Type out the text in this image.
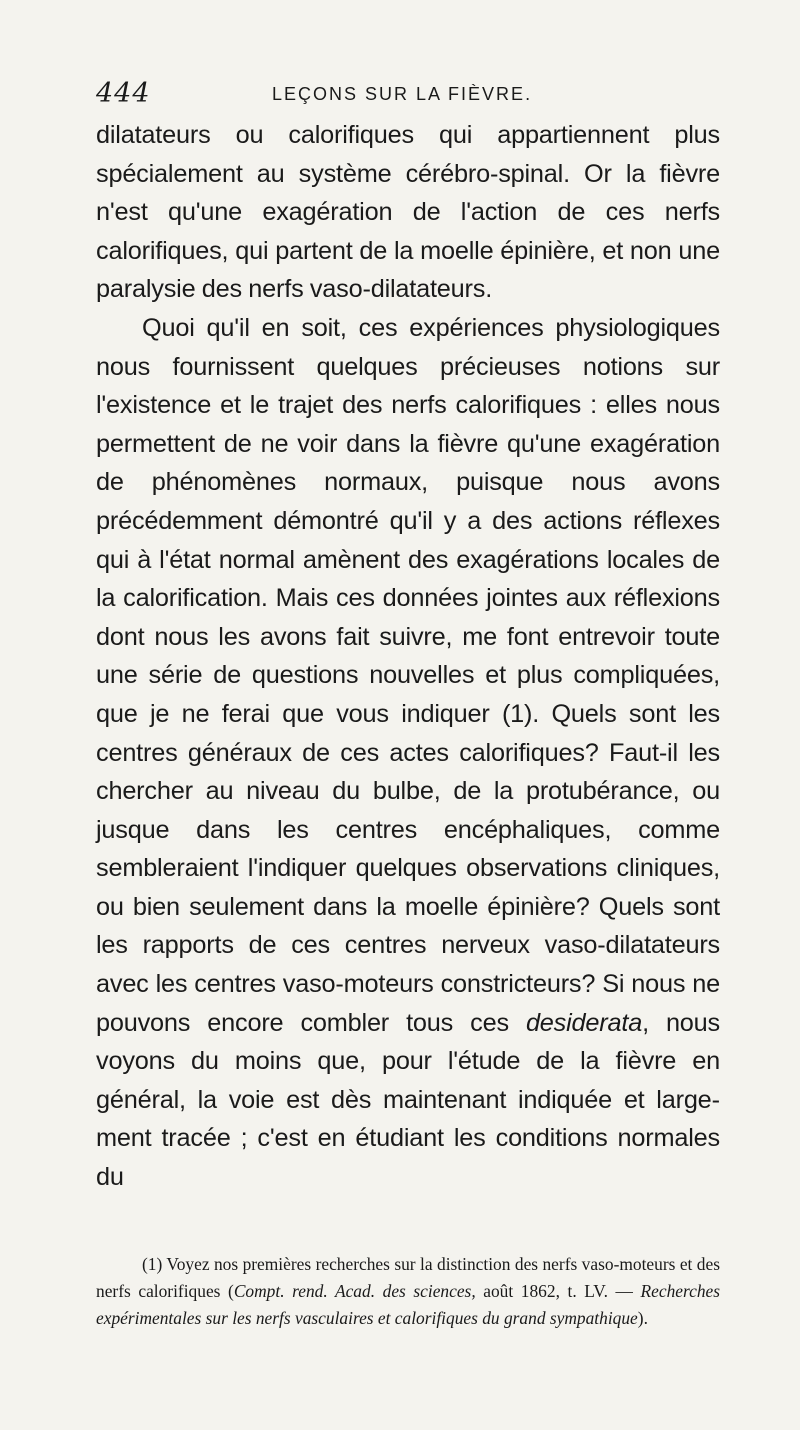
444	LEÇONS SUR LA FIÈVRE.

dilatateurs ou calorifiques qui appartiennent plus spécialement au système cérébro-spinal. Or la fièvre n'est qu'une exagération de l'action de ces nerfs calorifiques, qui partent de la moelle épinière, et non une paralysie des nerfs vaso-dilatateurs.

Quoi qu'il en soit, ces expériences physiologiques nous fournissent quelques précieuses notions sur l'existence et le trajet des nerfs calorifiques : elles nous permettent de ne voir dans la fièvre qu'une exagération de phénomènes normaux, puisque nous avons précédemment démontré qu'il y a des actions réflexes qui à l'état normal amènent des exagérations locales de la calorification. Mais ces données jointes aux réflexions dont nous les avons fait suivre, me font entrevoir toute une série de questions nouvelles et plus compliquées, que je ne ferai que vous indiquer (1). Quels sont les centres généraux de ces actes calorifiques? Faut-il les chercher au niveau du bulbe, de la protubérance, ou jusque dans les centres encéphaliques, comme sembleraient l'indiquer quelques observations cliniques, ou bien seulement dans la moelle épinière? Quels sont les rapports de ces centres nerveux vaso-dilatateurs avec les centres vaso-moteurs constricteurs? Si nous ne pouvons encore combler tous ces desiderata, nous voyons du moins que, pour l'étude de la fièvre en général, la voie est dès maintenant indiquée et largement tracée ; c'est en étudiant les conditions normales du

(1) Voyez nos premières recherches sur la distinction des nerfs vaso-moteurs et des nerfs calorifiques (Compt. rend. Acad. des sciences, août 1862, t. LV. — Recherches expérimentales sur les nerfs vasculaires et calorifiques du grand sympathique).
